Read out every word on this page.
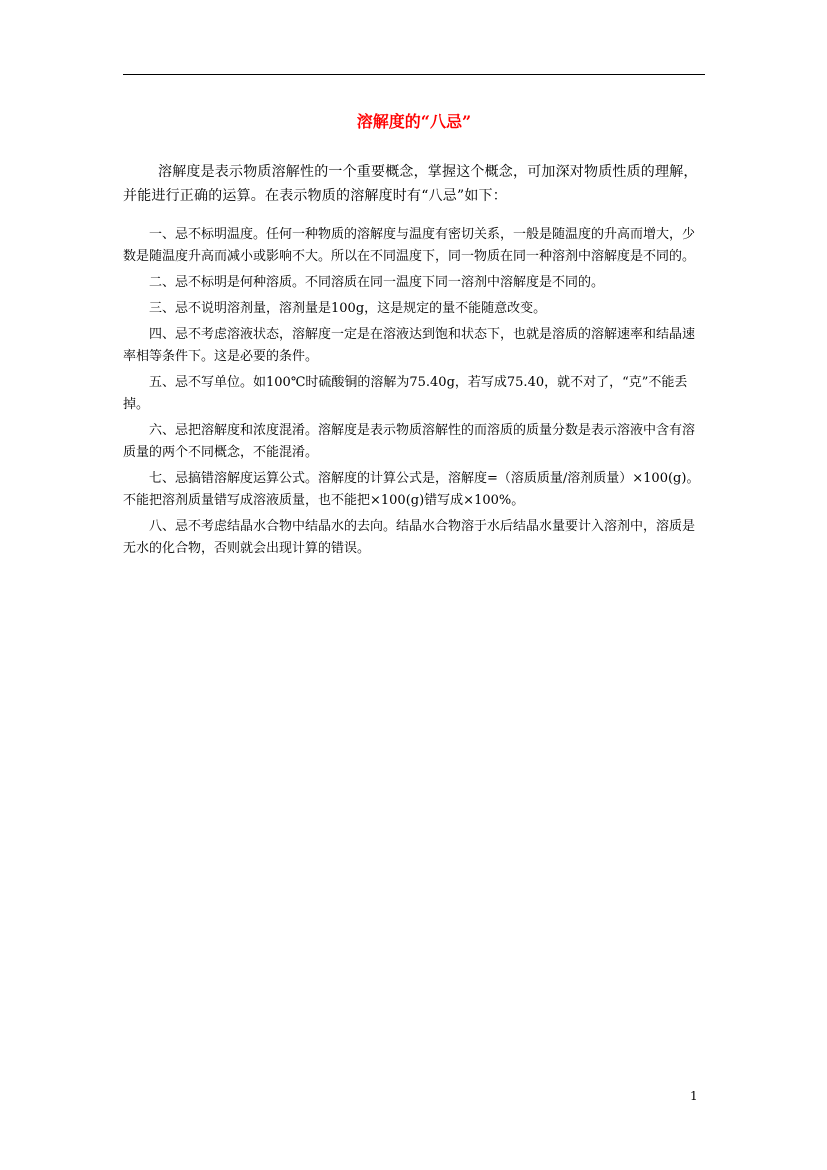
溶解度的“八忌”

溶解度是表示物质溶解性的一个重要概念，掌握这个概念，可加深对物质性质的理解，并能进行正确的运算。在表示物质的溶解度时有“八忌”如下：

一、忌不标明温度。任何一种物质的溶解度与温度有密切关系，一般是随温度的升高而增大，少数是随温度升高而减小或影响不大。所以在不同温度下，同一物质在同一种溶剂中溶解度是不同的。
二、忌不标明是何种溶质。不同溶质在同一温度下同一溶剂中溶解度是不同的。
三、忌不说明溶剂量，溶剂量是100g，这是规定的量不能随意改变。
四、忌不考虑溶液状态，溶解度一定是在溶液达到饱和状态下，也就是溶质的溶解速率和结晶速率相等条件下。这是必要的条件。
五、忌不写单位。如100℃时硫酸铜的溶解为75.40g，若写成75.40，就不对了，“克”不能丢掉。
六、忌把溶解度和浓度混淆。溶解度是表示物质溶解性的而溶质的质量分数是表示溶液中含有溶质量的两个不同概念，不能混淆。
七、忌搞错溶解度运算公式。溶解度的计算公式是，溶解度=（溶质质量/溶剂质量）×100(g)。不能把溶剂质量错写成溶液质量，也不能把×100(g)错写成×100%。
八、忌不考虑结晶水合物中结晶水的去向。结晶水合物溶于水后结晶水量要计入溶剂中，溶质是无水的化合物，否则就会出现计算的错误。
1
